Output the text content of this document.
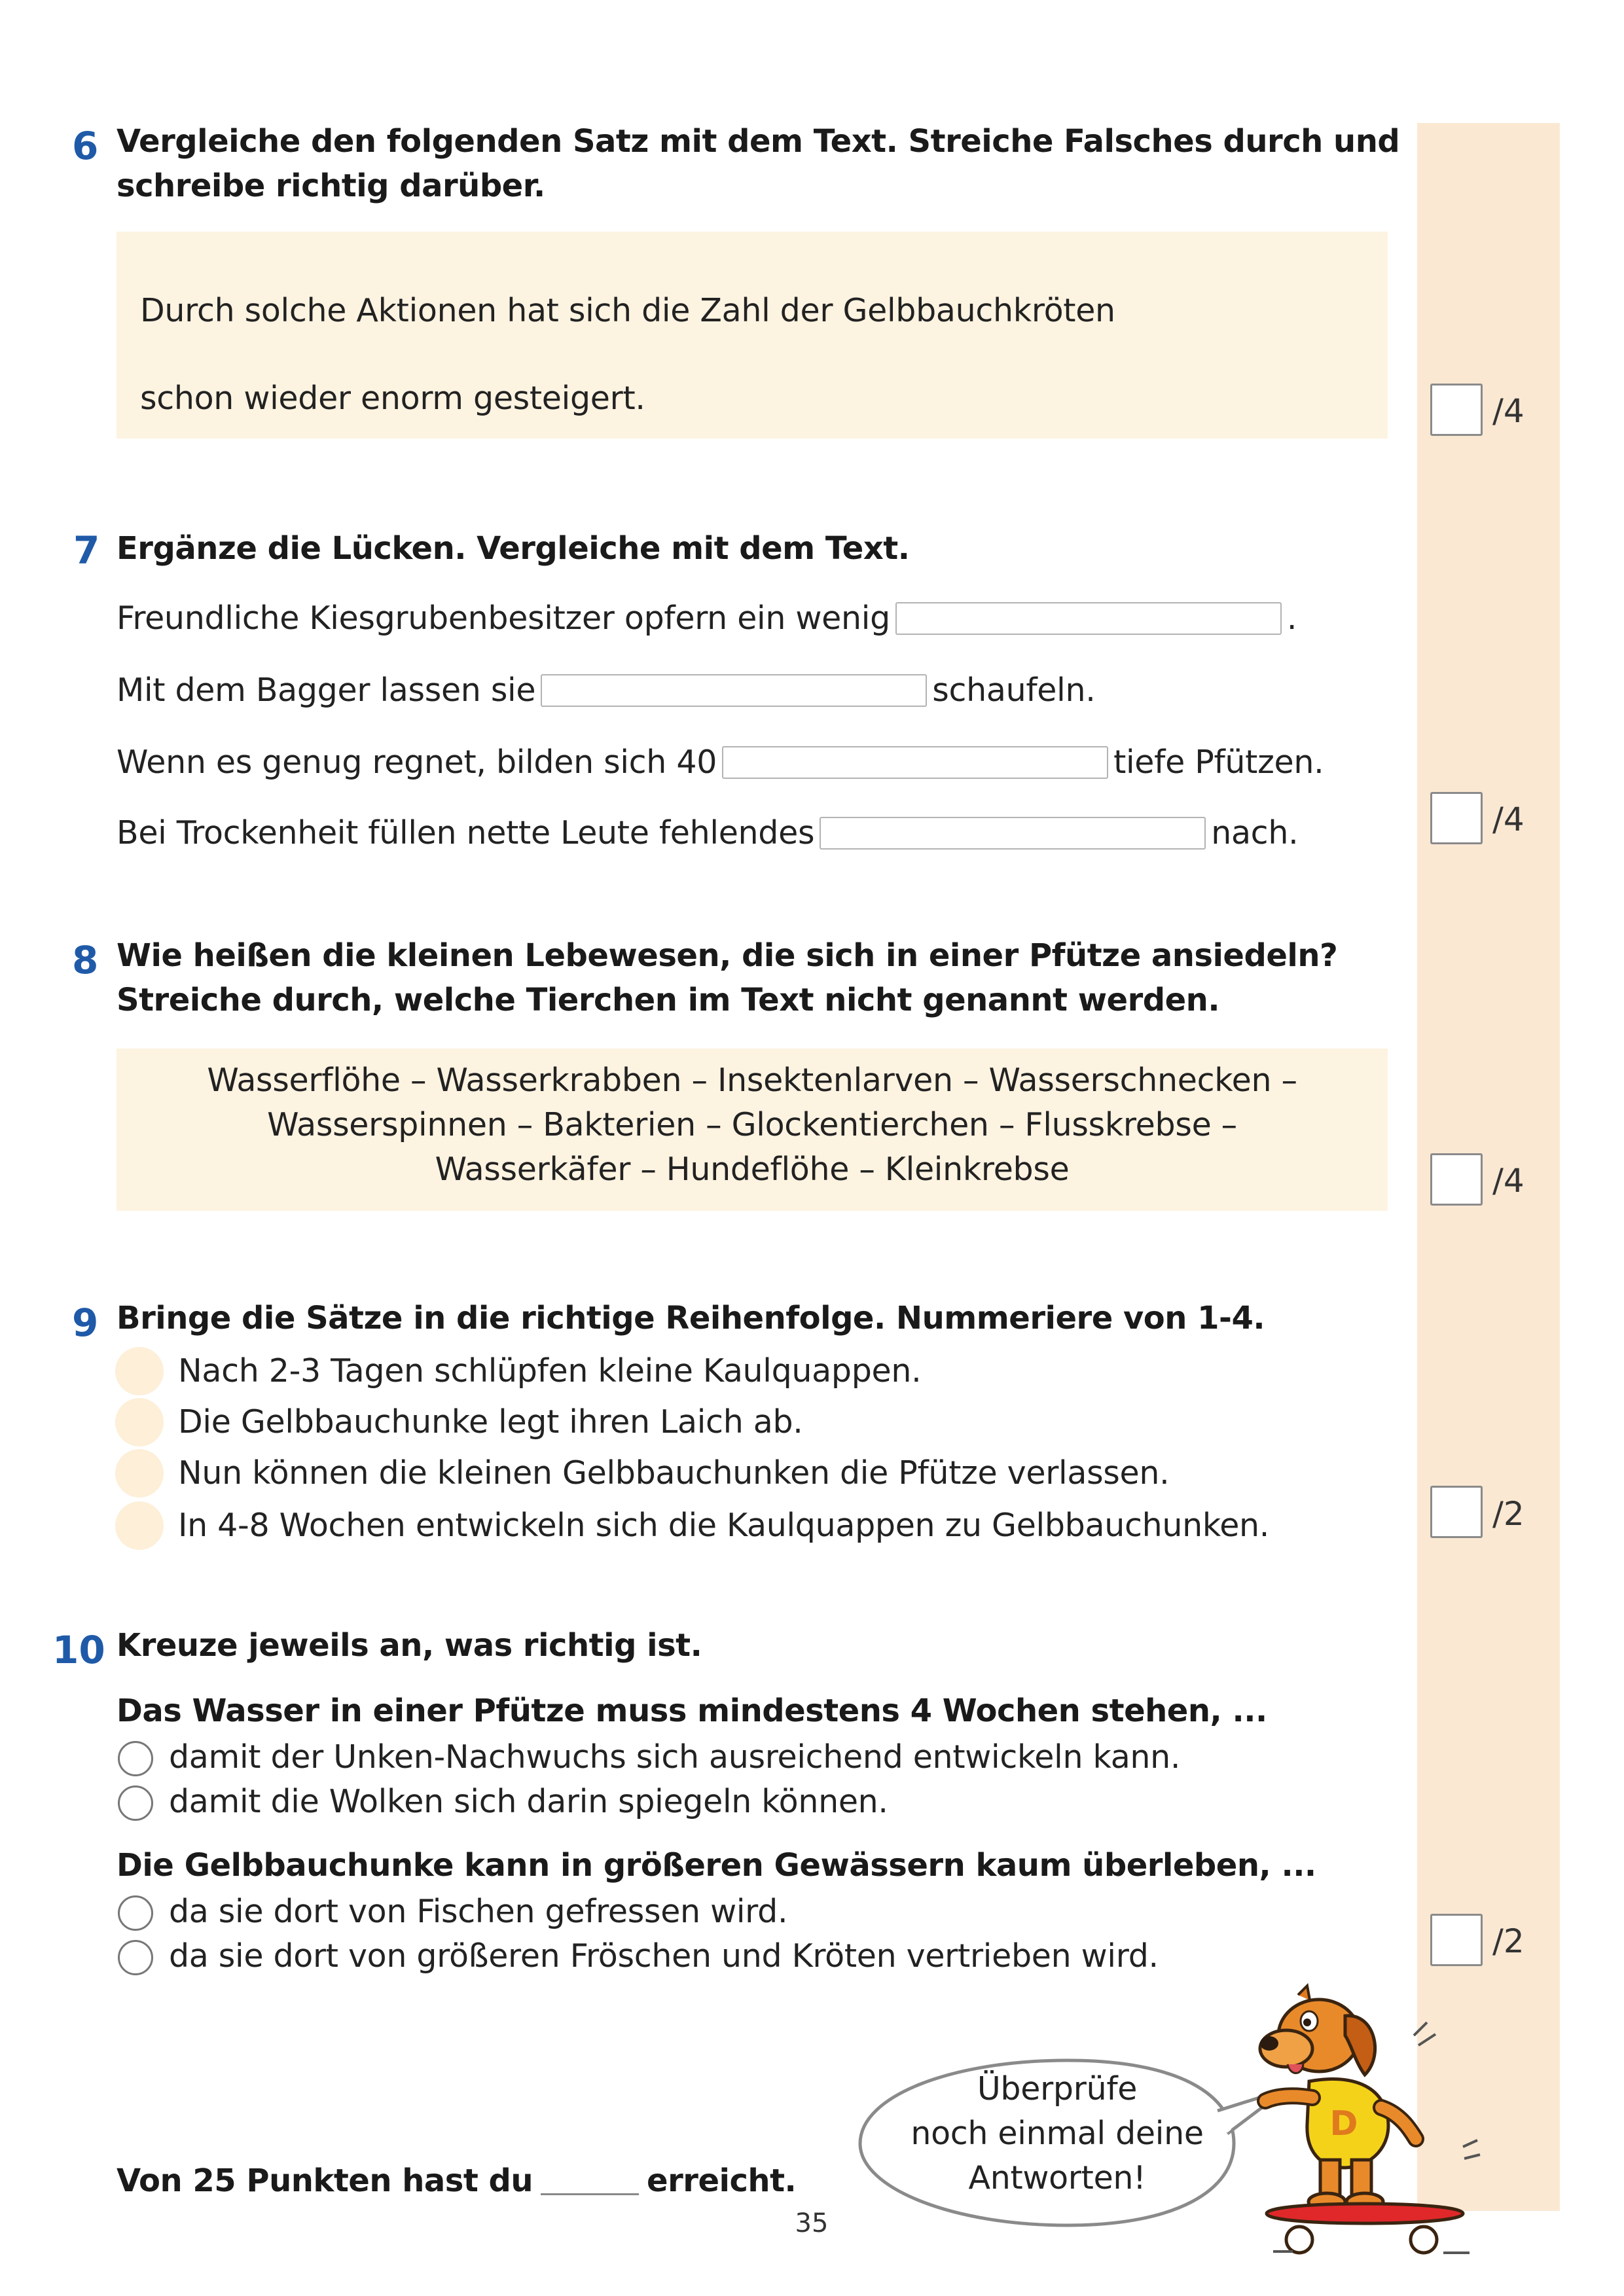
6 Vergleiche den folgenden Satz mit dem Text. Streiche Falsches durch und
schreibe richtig darüber.
Durch solche Aktionen hat sich die Zahl der Gelbbauchkröten
schon wieder enorm gesteigert.	/4
7 Ergänze die Lücken. Vergleiche mit dem Text.
Freundliche Kiesgrubenbesitzer opfern ein wenig	.
Mit dem Bagger lassen sie	schaufeln.
Wenn es genug regnet, bilden sich 40	tiefe Pfützen.
Bei Trockenheit füllen nette Leute fehlendes	nach.	/4
8 Wie heißen die kleinen Lebewesen, die sich in einer Pfütze ansiedeln?
Streiche durch, welche Tierchen im Text nicht genannt werden.
Wasserflöhe – Wasserkrabben – Insektenlarven – Wasserschnecken –
Wasserspinnen – Bakterien – Glockentierchen – Flusskrebse –
Wasserkäfer – Hundeflöhe – Kleinkrebse	/4
9 Bringe die Sätze in die richtige Reihenfolge. Nummeriere von 1-4.
Nach 2-3 Tagen schlüpfen kleine Kaulquappen.
Die Gelbbauchunke legt ihren Laich ab.
Nun können die kleinen Gelbbauchunken die Pfütze verlassen.
In 4-8 Wochen entwickeln sich die Kaulquappen zu Gelbbauchunken.	/2
10 Kreuze jeweils an, was richtig ist.
Das Wasser in einer Pfütze muss mindestens 4 Wochen stehen, ...
damit der Unken-Nachwuchs sich ausreichend entwickeln kann.
damit die Wolken sich darin spiegeln können.
Die Gelbbauchunke kann in größeren Gewässern kaum überleben, ...
da sie dort von Fischen gefressen wird.
da sie dort von größeren Fröschen und Kröten vertrieben wird.	/2
Von 25 Punkten hast du	erreicht.
Überprüfe
noch einmal deine
Antworten!
D
35
